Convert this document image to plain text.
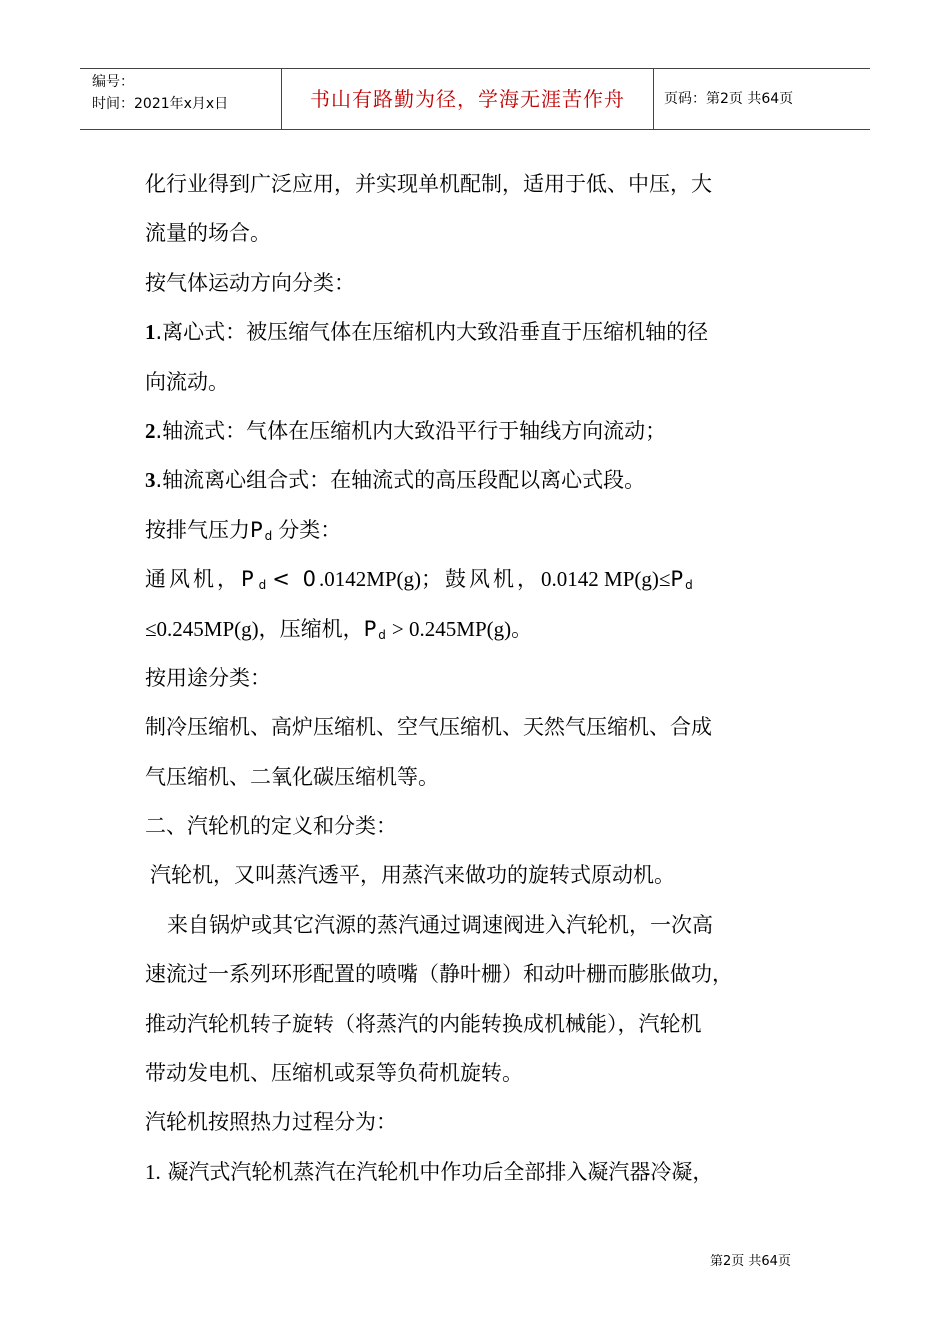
编号：
时间：2021年x月x日	书山有路勤为径，学海无涯苦作舟	页码：第2页 共64页
化行业得到广泛应用，并实现单机配制，适用于低、中压，大
流量的场合。
按气体运动方向分类：
1.离心式：被压缩气体在压缩机内大致沿垂直于压缩机轴的径
向流动。
2.轴流式：气体在压缩机内大致沿平行于轴线方向流动；
3.轴流离心组合式：在轴流式的高压段配以离心式段。
按排气压力P $_d$ 分类：
通风机，P $_d$ < 0.0142MP(g)；鼓风机，0.0142 MP(g)≤P $_d$
≤0.245MP(g)，压缩机，P $_d$ > 0.245MP(g)。
按用途分类：
制冷压缩机、高炉压缩机、空气压缩机、天然气压缩机、合成
气压缩机、二氧化碳压缩机等。
二、汽轮机的定义和分类：
汽轮机，又叫蒸汽透平，用蒸汽来做功的旋转式原动机。
来自锅炉或其它汽源的蒸汽通过调速阀进入汽轮机，一次高
速流过一系列环形配置的喷嘴（静叶栅）和动叶栅而膨胀做功，
推动汽轮机转子旋转（将蒸汽的内能转换成机械能），汽轮机
带动发电机、压缩机或泵等负荷机旋转。
汽轮机按照热力过程分为：
1. 凝汽式汽轮机蒸汽在汽轮机中作功后全部排入凝汽器冷凝，
第2页 共64页
